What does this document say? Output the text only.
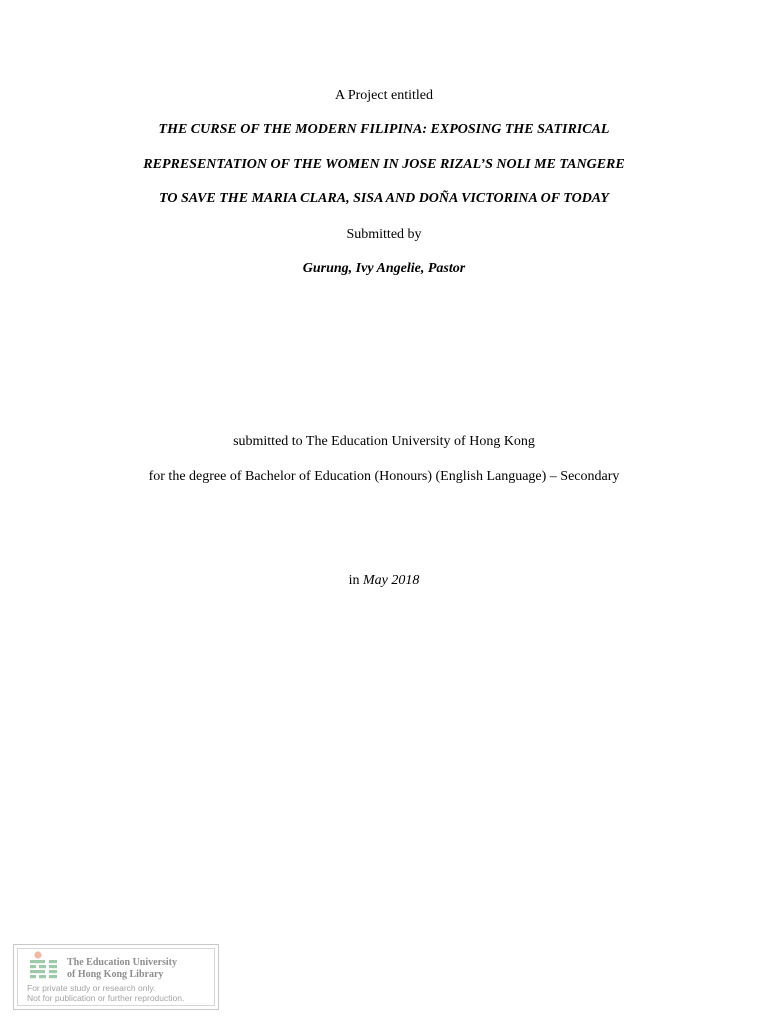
A Project entitled
THE CURSE OF THE MODERN FILIPINA: EXPOSING THE SATIRICAL
REPRESENTATION OF THE WOMEN IN JOSE RIZAL’S NOLI ME TANGERE
TO SAVE THE MARIA CLARA, SISA AND DOÑA VICTORINA OF TODAY
Submitted by
Gurung, Ivy Angelie, Pastor
submitted to The Education University of Hong Kong
for the degree of Bachelor of Education (Honours) (English Language) – Secondary
in May 2018
The Education University
of Hong Kong Library
For private study or research only.
Not for publication or further reproduction.
